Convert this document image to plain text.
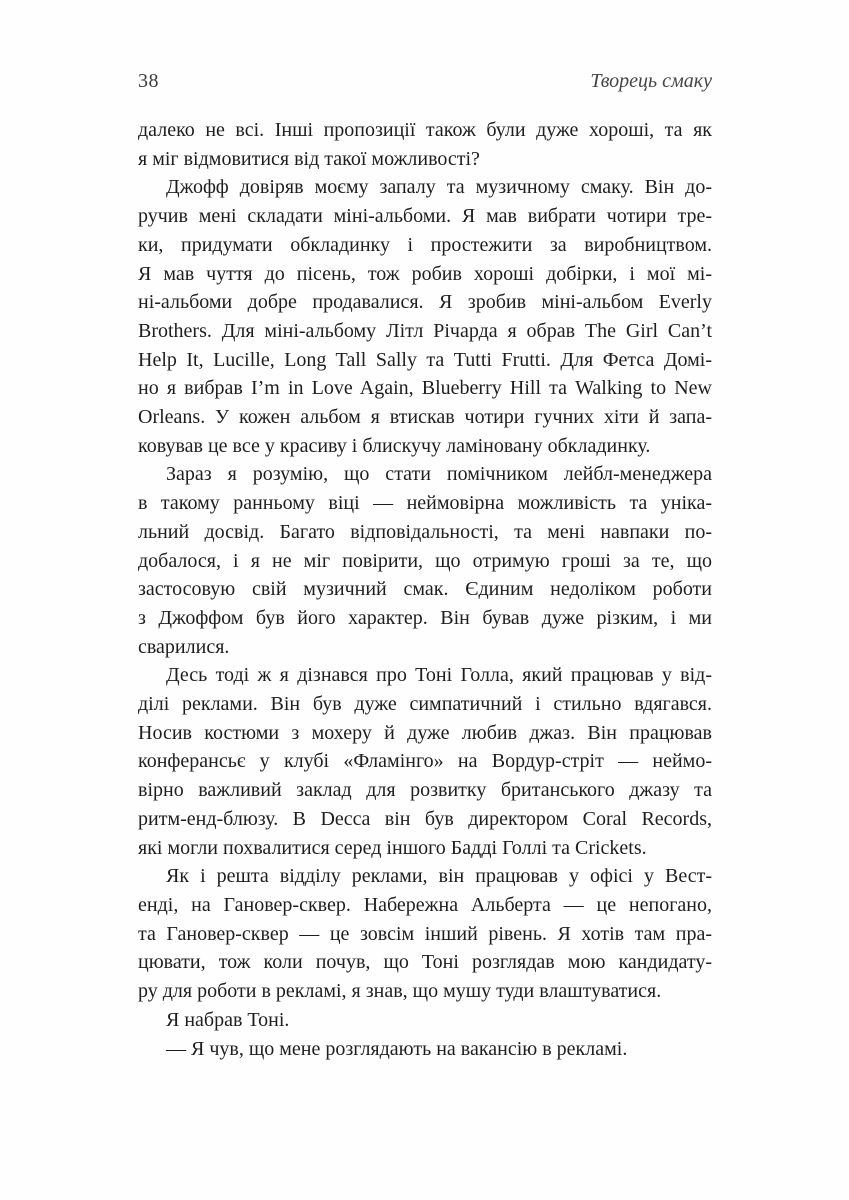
38	Творець смаку
далеко не всі. Інші пропозиції також були дуже хороші, та як
я міг відмовитися від такої можливості?
Джофф довіряв моєму запалу та музичному смаку. Він до-
ручив мені складати міні-альбоми. Я мав вибрати чотири тре-
ки, придумати обкладинку і простежити за виробництвом.
Я мав чуття до пісень, тож робив хороші добірки, і мої мі-
ні-альбоми добре продавалися. Я зробив міні-альбом Everly
Brothers. Для міні-альбому Літл Річарда я обрав The Girl Can’t
Help It, Lucille, Long Tall Sally та Tutti Frutti. Для Фетса Домі-
но я вибрав I’m in Love Again, Blueberry Hill та Walking to New
Orleans. У кожен альбом я втискав чотири гучних хіти й запа-
ковував це все у красиву і блискучу ламіновану обкладинку.
Зараз я розумію, що стати помічником лейбл-менеджера
в такому ранньому віці — неймовірна можливість та уніка-
льний досвід. Багато відповідальності, та мені навпаки по-
добалося, і я не міг повірити, що отримую гроші за те, що
застосовую свій музичний смак. Єдиним недоліком роботи
з Джоффом був його характер. Він бував дуже різким, і ми
сварилися.
Десь тоді ж я дізнався про Тоні Голла, який працював у від-
ділі реклами. Він був дуже симпатичний і стильно вдягався.
Носив костюми з мохеру й дуже любив джаз. Він працював
конферансьє у клубі «Фламінго» на Вордур-стріт — неймо-
вірно важливий заклад для розвитку британського джазу та
ритм-енд-блюзу. В Decca він був директором Coral Records,
які могли похвалитися серед іншого Бадді Голлі та Crickets.
Як і решта відділу реклами, він працював у офісі у Вест-
енді, на Гановер-сквер. Набережна Альберта — це непогано,
та Гановер-сквер — це зовсім інший рівень. Я хотів там пра-
цювати, тож коли почув, що Тоні розглядав мою кандидату-
ру для роботи в рекламі, я знав, що мушу туди влаштуватися.
Я набрав Тоні.
— Я чув, що мене розглядають на вакансію в рекламі.
